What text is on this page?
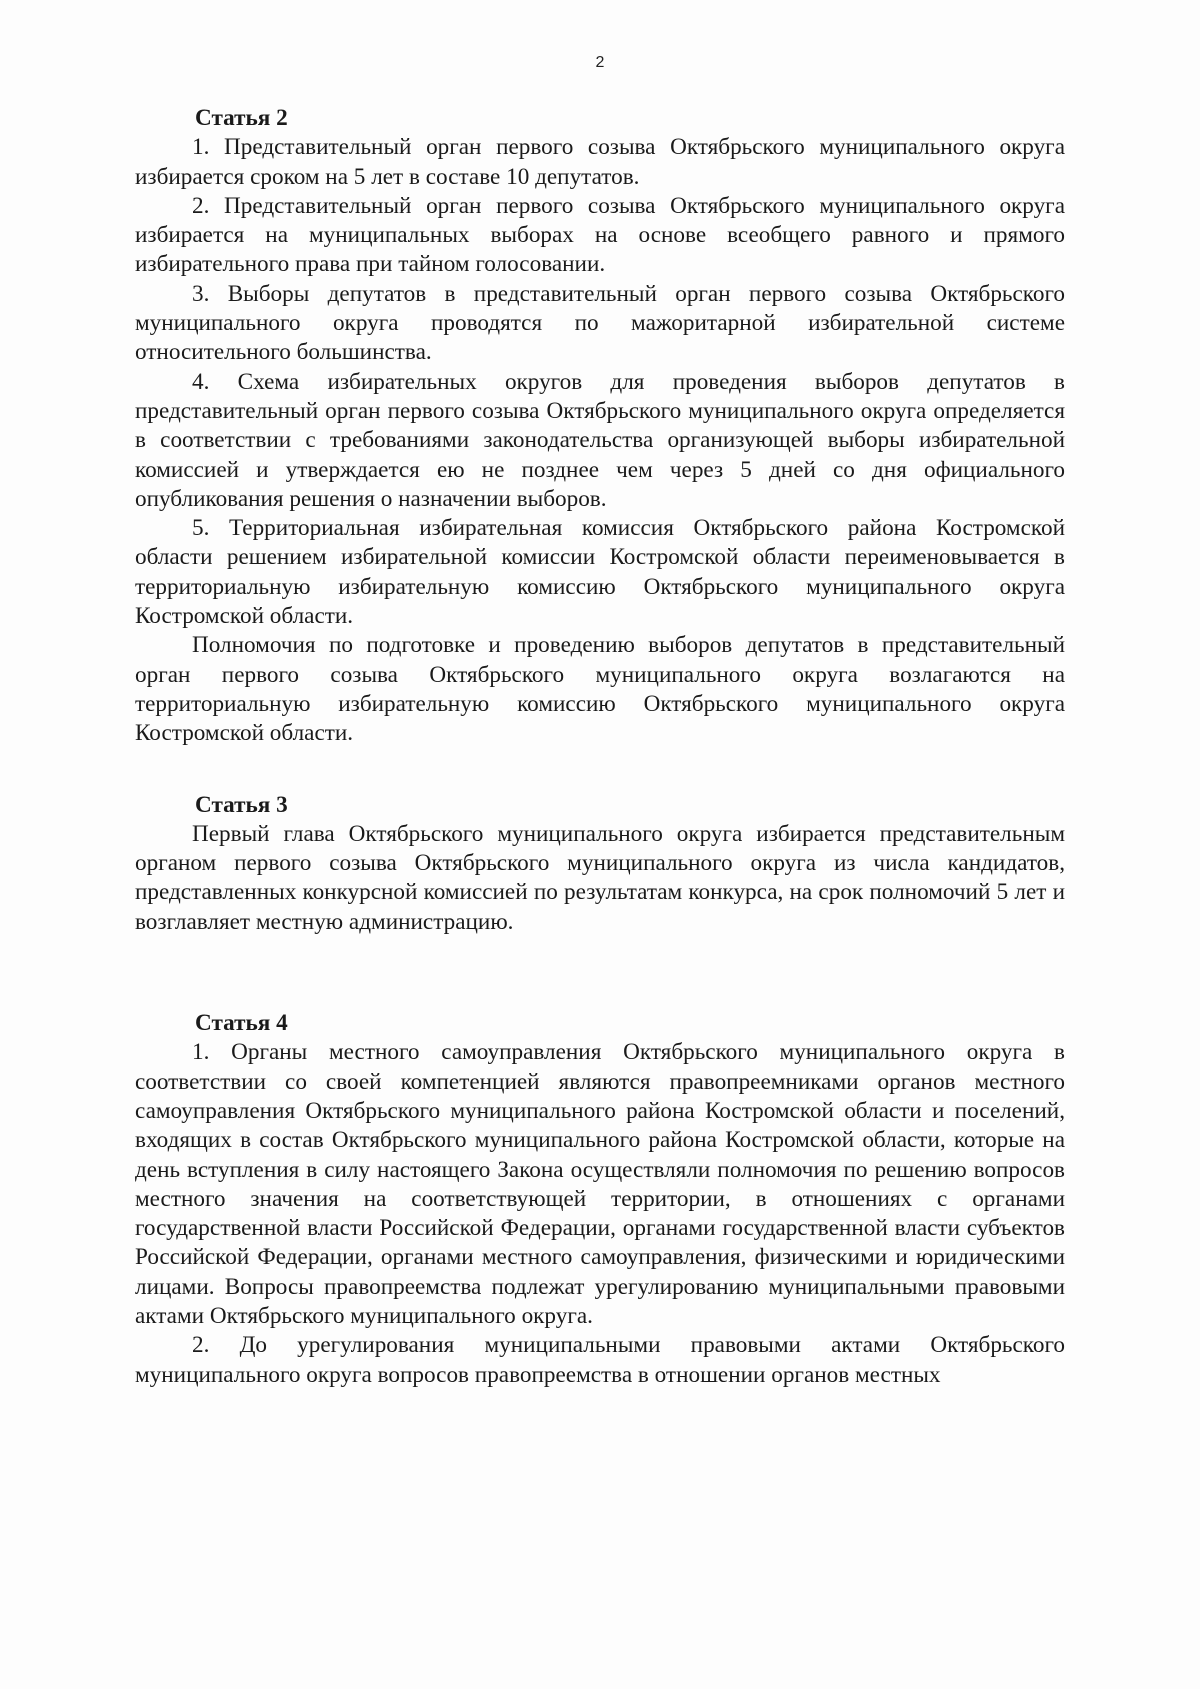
2
Статья 2

1. Представительный орган первого созыва Октябрьского муниципального округа избирается сроком на 5 лет в составе 10 депутатов.

2. Представительный орган первого созыва Октябрьского муниципального округа избирается на муниципальных выборах на основе всеобщего равного и прямого избирательного права при тайном голосовании.

3. Выборы депутатов в представительный орган первого созыва Октябрьского муниципального округа проводятся по мажоритарной избирательной системе относительного большинства.

4. Схема избирательных округов для проведения выборов депутатов в представительный орган первого созыва Октябрьского муниципального округа определяется в соответствии с требованиями законодательства организующей выборы избирательной комиссией и утверждается ею не позднее чем через 5 дней со дня официального опубликования решения о назначении выборов.

5. Территориальная избирательная комиссия Октябрьского района Костромской области решением избирательной комиссии Костромской области переименовывается в территориальную избирательную комиссию Октябрьского муниципального округа Костромской области.

Полномочия по подготовке и проведению выборов депутатов в представительный орган первого созыва Октябрьского муниципального округа возлагаются на территориальную избирательную комиссию Октябрьского муниципального округа Костромской области.

Статья 3

Первый глава Октябрьского муниципального округа избирается представительным органом первого созыва Октябрьского муниципального округа из числа кандидатов, представленных конкурсной комиссией по результатам конкурса, на срок полномочий 5 лет и возглавляет местную администрацию.

Статья 4

1. Органы местного самоуправления Октябрьского муниципального округа в соответствии со своей компетенцией являются правопреемниками органов местного самоуправления Октябрьского муниципального района Костромской области и поселений, входящих в состав Октябрьского муниципального района Костромской области, которые на день вступления в силу настоящего Закона осуществляли полномочия по решению вопросов местного значения на соответствующей территории, в отношениях с органами государственной власти Российской Федерации, органами государственной власти субъектов Российской Федерации, органами местного самоуправления, физическими и юридическими лицами. Вопросы правопреемства подлежат урегулированию муниципальными правовыми актами Октябрьского муниципального округа.

2. До урегулирования муниципальными правовыми актами Октябрьского муниципального округа вопросов правопреемства в отношении органов местных
